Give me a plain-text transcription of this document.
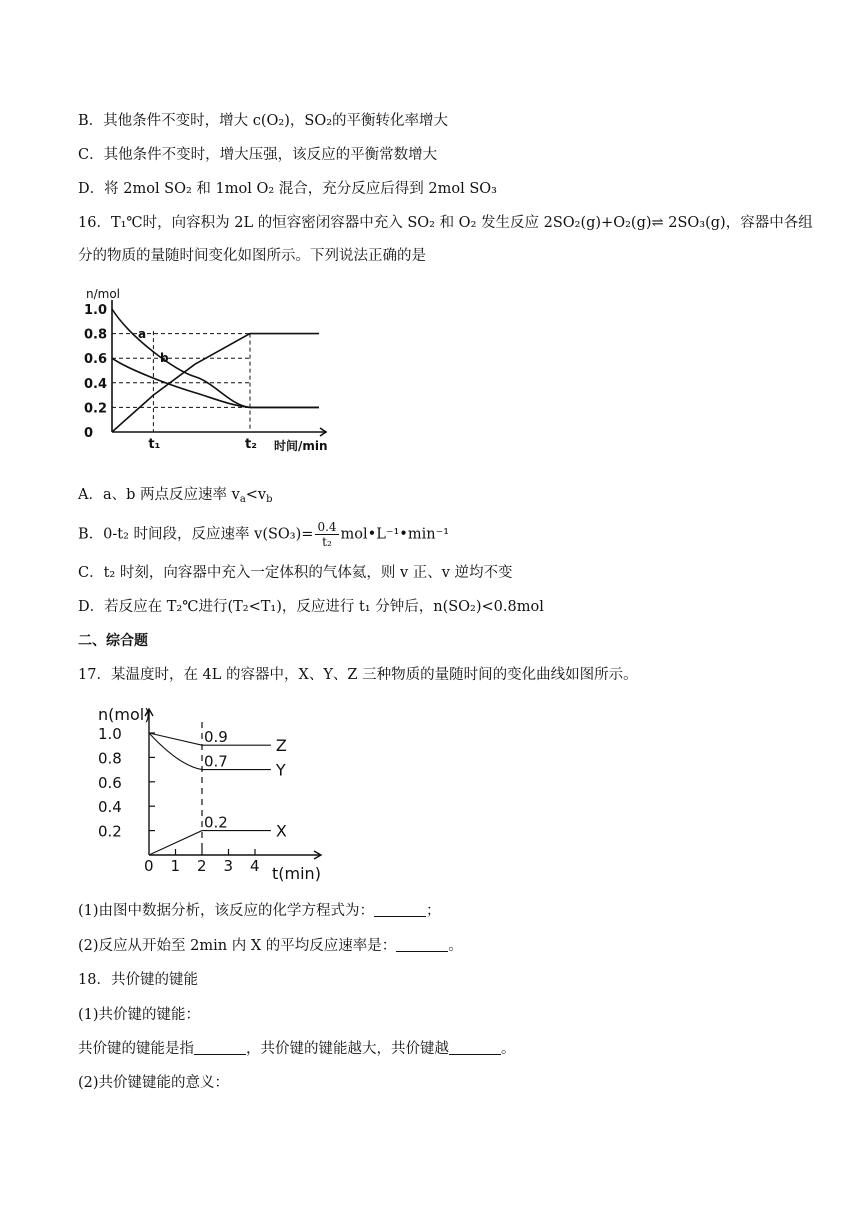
B．其他条件不变时，增大 c(O₂)，SO₂的平衡转化率增大
C．其他条件不变时，增大压强，该反应的平衡常数增大
D．将 2mol SO₂ 和 1mol O₂ 混合，充分反应后得到 2mol SO₃
16．T₁℃时，向容积为 2L 的恒容密闭容器中充入 SO₂ 和 O₂ 发生反应 2SO₂(g)+O₂(g)⇌ 2SO₃(g)，容器中各组
分的物质的量随时间变化如图所示。下列说法正确的是
n/mol
时间/min
0
0.2
0.4
0.6
0.8
1.0
t₁	t₂
a
b
A．a、b 两点反应速率 $v_a<v_b$
B．0-t₂ 时间段，反应速率 $v(SO_3)= \frac{0.4}{\text{t₂}}$ mol•L⁻¹•min⁻¹
C．t₂ 时刻，向容器中充入一定体积的气体氦，则 v 正、v 逆均不变
D．若反应在 T₂℃进行(T₂<T₁)，反应进行 t₁ 分钟后，n(SO₂)<0.8mol
二、综合题
17．某温度时，在 4L 的容器中，X、Y、Z 三种物质的量随时间的变化曲线如图所示。
n(mol)
t(min)
0.2
0.4
0.6
0.8
1.0
0 1 2 3 4
0.9	Z
0.7	Y
0.2	X
(1)由图中数据分析，该反应的化学方程式为：	；
(2)反应从开始至 2min 内 X 的平均反应速率是：	。
18．共价键的键能
(1)共价键的键能：
共价键的键能是指	，共价键的键能越大，共价键越	。
(2)共价键键能的意义：
